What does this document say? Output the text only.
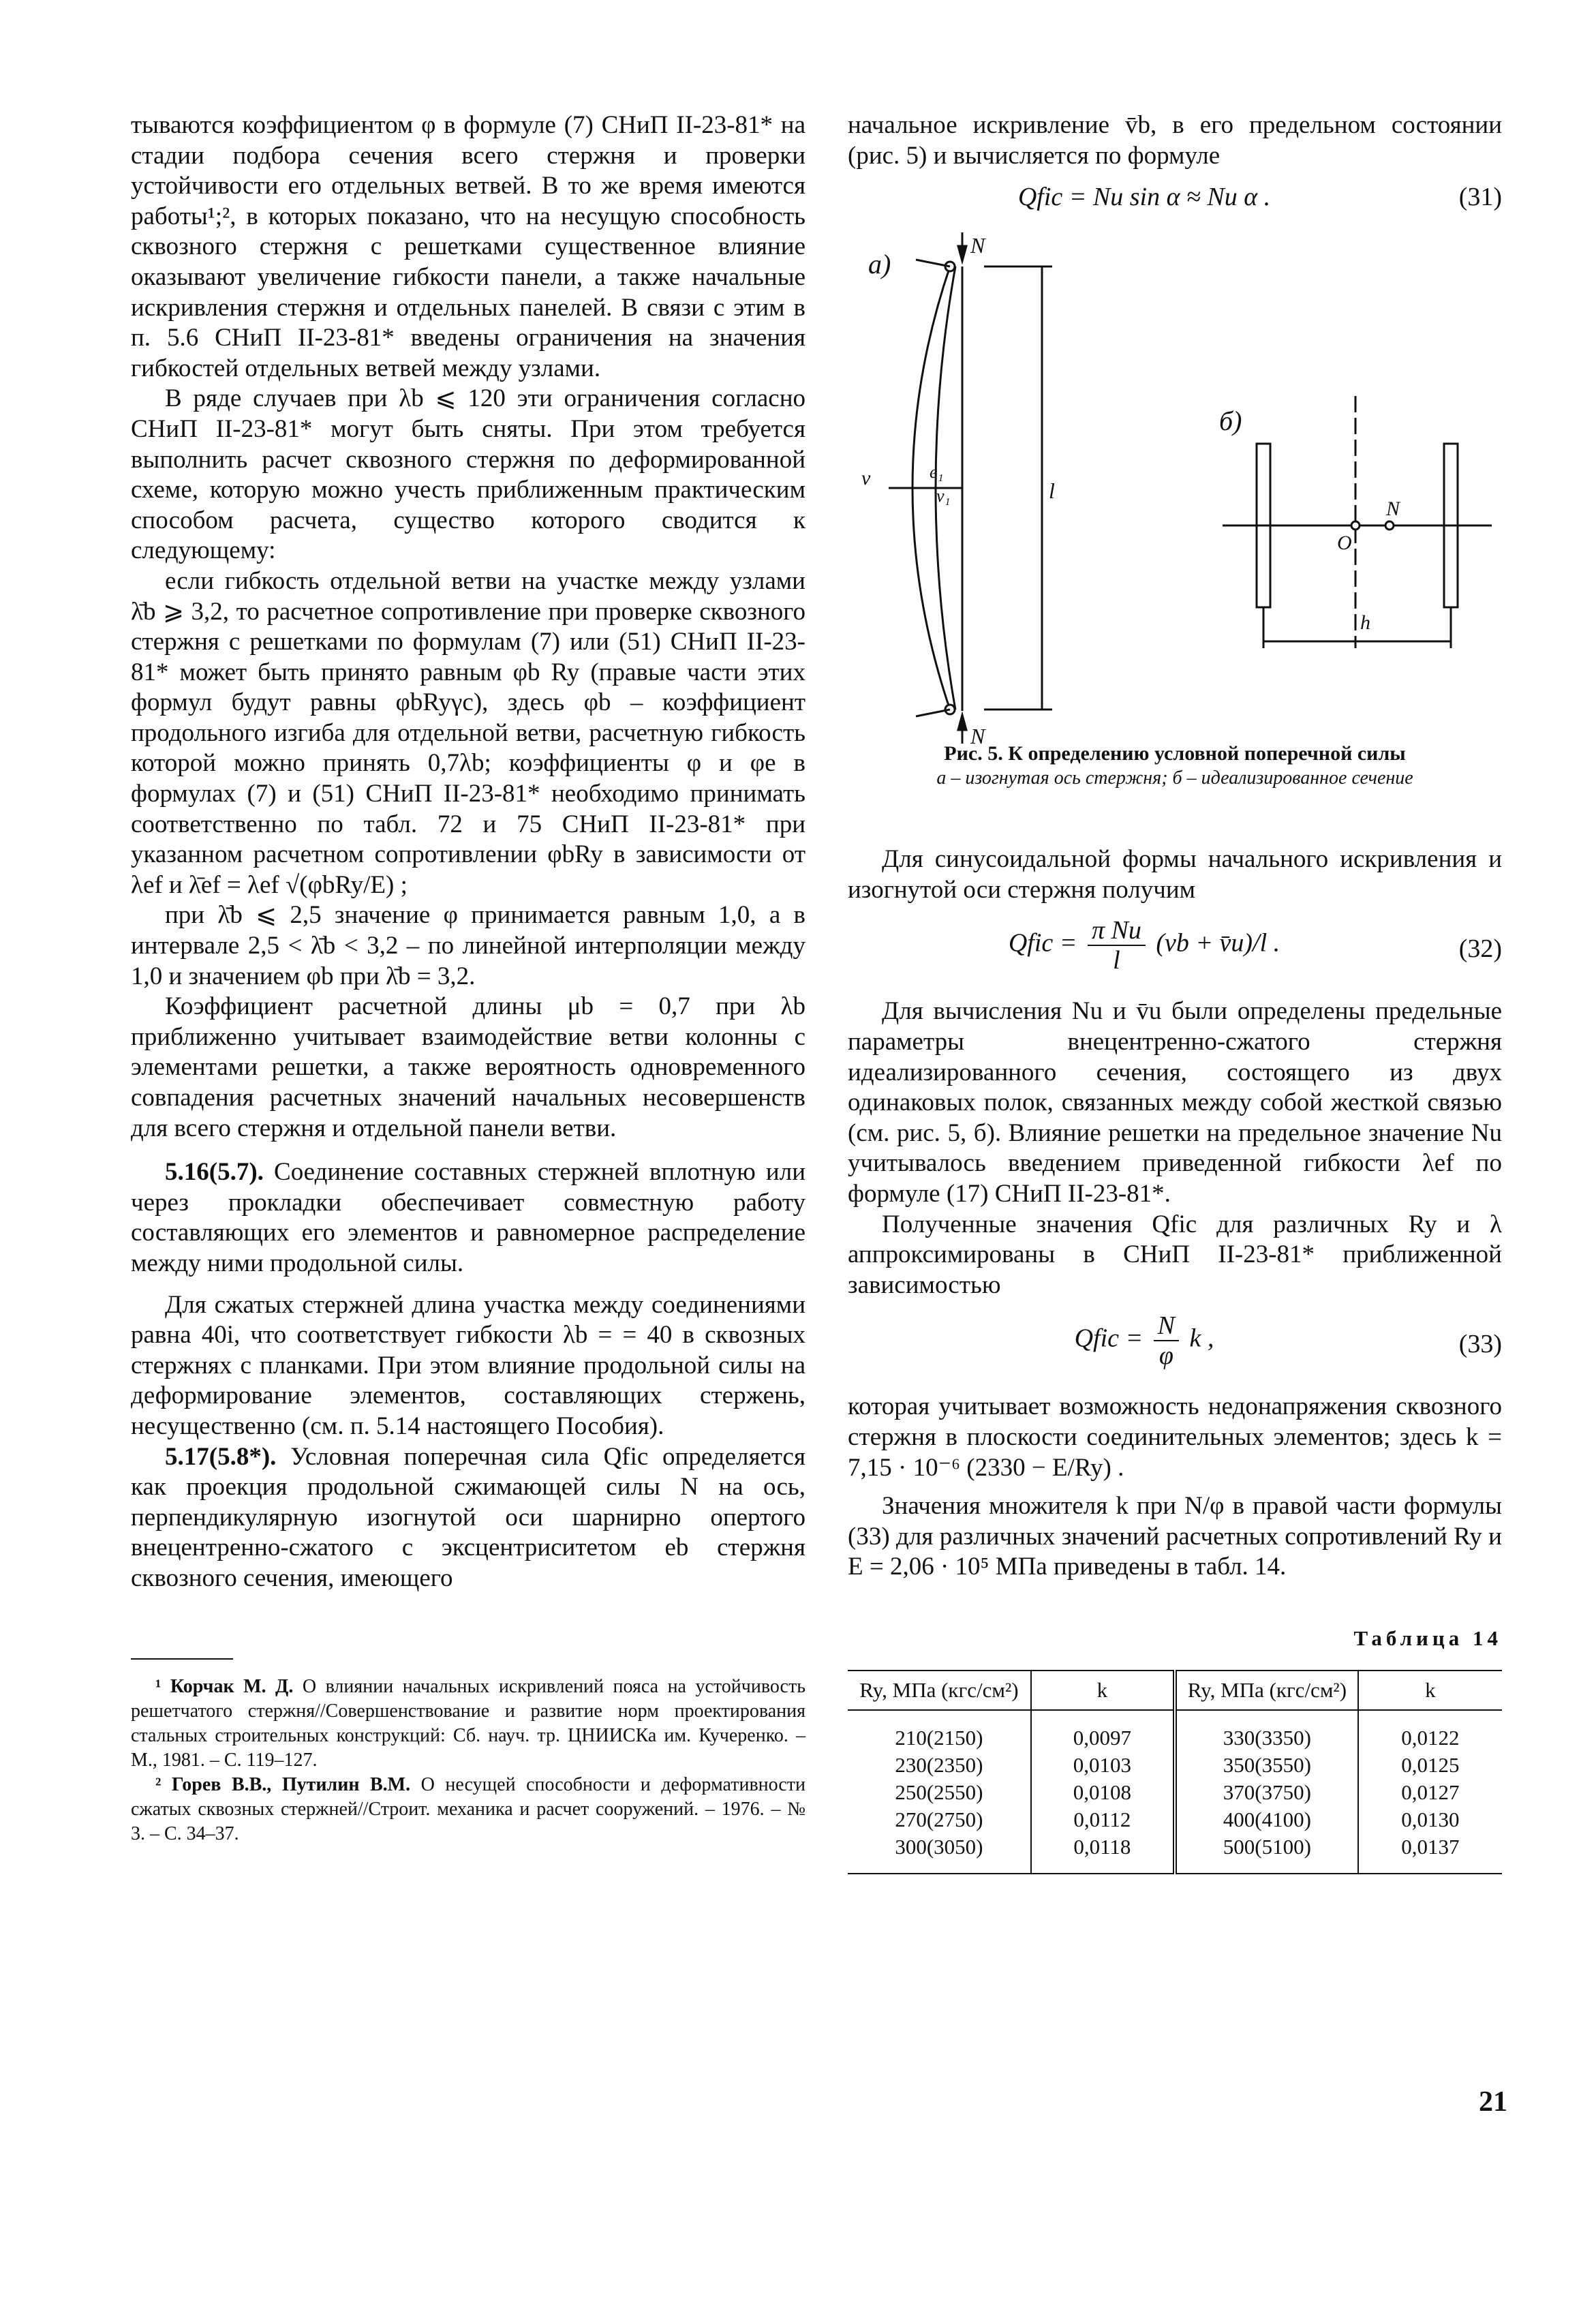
тываются коэффициентом φ в формуле (7) СНиП II-23-81* на стадии подбора сечения всего стержня и проверки устойчивости его отдельных ветвей. В то же время имеются работы¹;², в которых показано, что на несущую способность сквозного стержня с решетками существенное влияние оказывают увеличение гибкости панели, а также начальные искривления стержня и отдельных панелей. В связи с этим в п. 5.6 СНиП II-23-81* введены ограничения на значения гибкостей отдельных ветвей между узлами.

В ряде случаев при λb ⩽ 120 эти ограничения согласно СНиП II-23-81* могут быть сняты. При этом требуется выполнить расчет сквозного стержня по деформированной схеме, которую можно учесть приближенным практическим способом расчета, существо которого сводится к следующему:

если гибкость отдельной ветви на участке между узлами λ̄b ⩾ 3,2, то расчетное сопротивление при проверке сквозного стержня с решетками по формулам (7) или (51) СНиП II-23-81* может быть принято равным φb Ry (правые части этих формул будут равны φbRyγc), здесь φb – коэффициент продольного изгиба для отдельной ветви, расчетную гибкость которой можно принять 0,7λb; коэффициенты φ и φe в формулах (7) и (51) СНиП II-23-81* необходимо принимать соответственно по табл. 72 и 75 СНиП II-23-81* при указанном расчетном сопротивлении φbRy в зависимости от λef и λ̄ef = λef √(φbRy/E) ;

при λ̄b ⩽ 2,5 значение φ принимается равным 1,0, а в интервале 2,5 < λ̄b < 3,2 – по линейной интерполяции между 1,0 и значением φb при λ̄b = 3,2.

Коэффициент расчетной длины μb = 0,7 при λb приближенно учитывает взаимодействие ветви колонны с элементами решетки, а также вероятность одновременного совпадения расчетных значений начальных несовершенств для всего стержня и отдельной панели ветви.

5.16(5.7). Соединение составных стержней вплотную или через прокладки обеспечивает совместную работу составляющих его элементов и равномерное распределение между ними продольной силы.

Для сжатых стержней длина участка между соединениями равна 40i, что соответствует гибкости λb = = 40 в сквозных стержнях с планками. При этом влияние продольной силы на деформирование элементов, составляющих стержень, несущественно (см. п. 5.14 настоящего Пособия).

5.17(5.8*). Условная поперечная сила Qfic определяется как проекция продольной сжимающей силы N на ось, перпендикулярную изогнутой оси шарнирно опертого внецентренно-сжатого с эксцентриситетом eb стержня сквозного сечения, имеющего

¹ Корчак М. Д. О влиянии начальных искривлений пояса на устойчивость решетчатого стержня//Совершенствование и развитие норм проектирования стальных строительных конструкций: Сб. науч. тр. ЦНИИСКа им. Кучеренко. – М., 1981. – С. 119–127.

² Горев В.В., Путилин В.М. О несущей способности и деформативности сжатых сквозных стержней//Строит. механика и расчет сооружений. – 1976. – № 3. – С. 34–37.

начальное искривление v̄b, в его предельном состоянии (рис. 5) и вычисляется по формуле

Qfic = Nu sin α ≈ Nu α .	(31)
а)
N
N
l
v	e₁
v₁
б)
O
N
h

Рис. 5. К определению условной поперечной силы

а – изогнутая ось стержня; б – идеализированное сечение

Для синусоидальной формы начального искривления и изогнутой оси стержня получим

Qfic = $\frac{\text{π Nu}}{l} (vb$ + v̄u)/l .	(32)

Для вычисления Nu и v̄u были определены предельные параметры внецентренно-сжатого стержня идеализированного сечения, состоящего из двух одинаковых полок, связанных между собой жесткой связью (см. рис. 5, б). Влияние решетки на предельное значение Nu учитывалось введением приведенной гибкости λef по формуле (17) СНиП II-23-81*.

Полученные значения Qfic для различных Ry и λ аппроксимированы в СНиП II-23-81* приближенной зависимостью

Qfic = $\frac{N}{\varphi}$ k ,	(33)

которая учитывает возможность недонапряжения сквозного стержня в плоскости соединительных элементов; здесь k = 7,15 · 10⁻⁶ (2330 − E/Ry) .

Значения множителя k при N/φ в правой части формулы (33) для различных значений расчетных сопротивлений Ry и E = 2,06 · 10⁵ МПа приведены в табл. 14.

Таблица 14

Ry, МПа (кгс/см²)	k	Ry, МПа (кгс/см²)	k
210(2150)	0,0097	330(3350)	0,0122
230(2350)	0,0103	350(3550)	0,0125
250(2550)	0,0108	370(3750)	0,0127
270(2750)	0,0112	400(4100)	0,0130
300(3050)	0,0118	500(5100)	0,0137
21
